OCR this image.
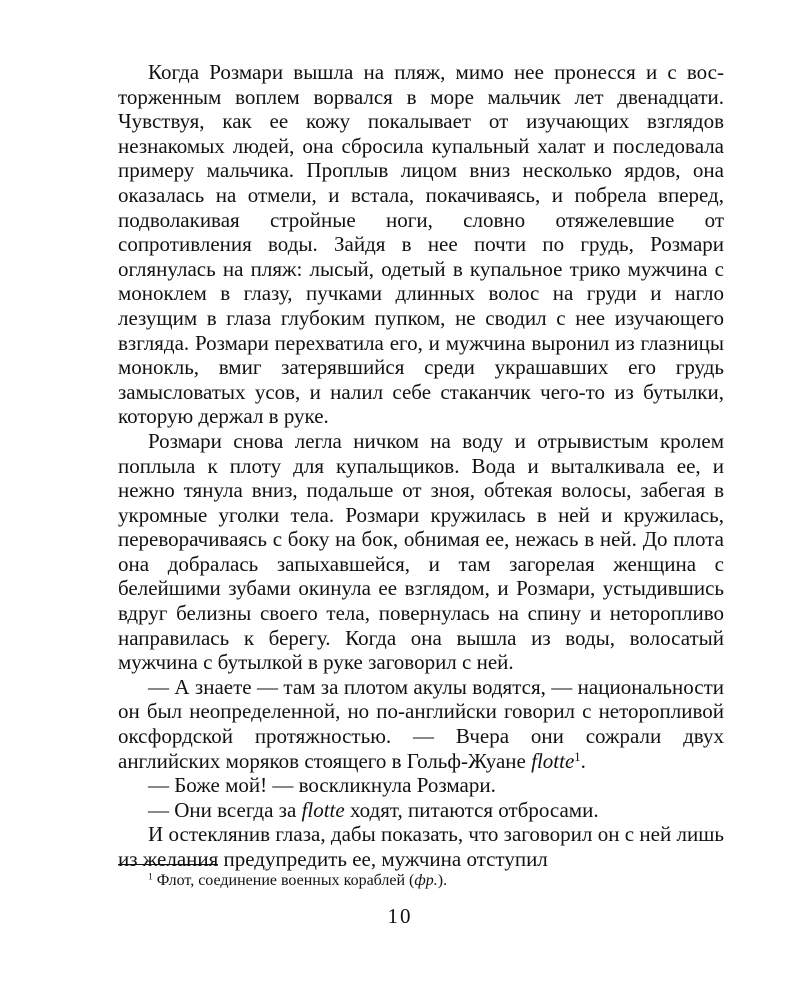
Когда Розмари вышла на пляж, мимо нее пронесся и с восторженным воплем ворвался в море мальчик лет двенадцати. Чувствуя, как ее кожу покалывает от изучающих взглядов незнакомых людей, она сбросила купальный халат и последовала примеру мальчика. Проплыв лицом вниз несколько ярдов, она оказалась на отмели, и встала, покачиваясь, и побрела вперед, подволакивая стройные ноги, словно отяжелевшие от сопротивления воды. Зайдя в нее почти по грудь, Розмари оглянулась на пляж: лысый, одетый в купальное трико мужчина с моноклем в глазу, пучками длинных волос на груди и нагло лезущим в глаза глубоким пупком, не сводил с нее изучающего взгляда. Розмари перехватила его, и мужчина выронил из глазницы монокль, вмиг затерявшийся среди украшавших его грудь замысловатых усов, и налил себе стаканчик чего-то из бутылки, которую держал в руке.

Розмари снова легла ничком на воду и отрывистым кролем поплыла к плоту для купальщиков. Вода и выталкивала ее, и нежно тянула вниз, подальше от зноя, обтекая волосы, забегая в укромные уголки тела. Розмари кружилась в ней и кружилась, переворачиваясь с боку на бок, обнимая ее, нежась в ней. До плота она добралась запыхавшейся, и там загорелая женщина с белейшими зубами окинула ее взглядом, и Розмари, устыдившись вдруг белизны своего тела, повернулась на спину и неторопливо направилась к берегу. Когда она вышла из воды, волосатый мужчина с бутылкой в руке заговорил с ней.

— А знаете — там за плотом акулы водятся, — национальности он был неопределенной, но по-английски говорил с неторопливой оксфордской протяжностью. — Вчера они сожрали двух английских моряков стоящего в Гольф-Жуане flotte$^1$.

— Боже мой! — воскликнула Розмари.

— Они всегда за flotte ходят, питаются отбросами.

И остеклянив глаза, дабы показать, что заговорил он с ней лишь из желания предупредить ее, мужчина отступил

$^1$ Флот, соединение военных кораблей (фр.).
10
